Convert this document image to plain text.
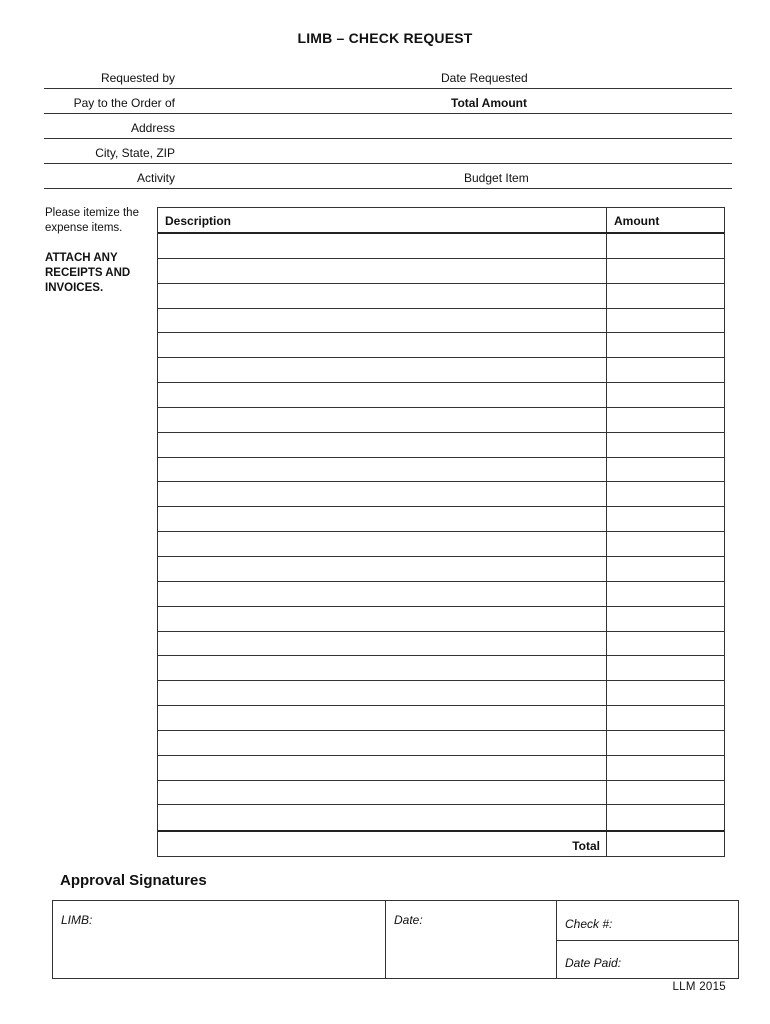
LIMB – CHECK REQUEST
Requested by	Date Requested
Pay to the Order of	Total Amount
Address
City, State, ZIP
Activity	Budget Item
Please itemize the expense items.
ATTACH ANY RECEIPTS AND INVOICES.
Description	Amount
Total
Approval Signatures
LIMB:	Date:	Check #:
Date Paid:
LLM 2015
